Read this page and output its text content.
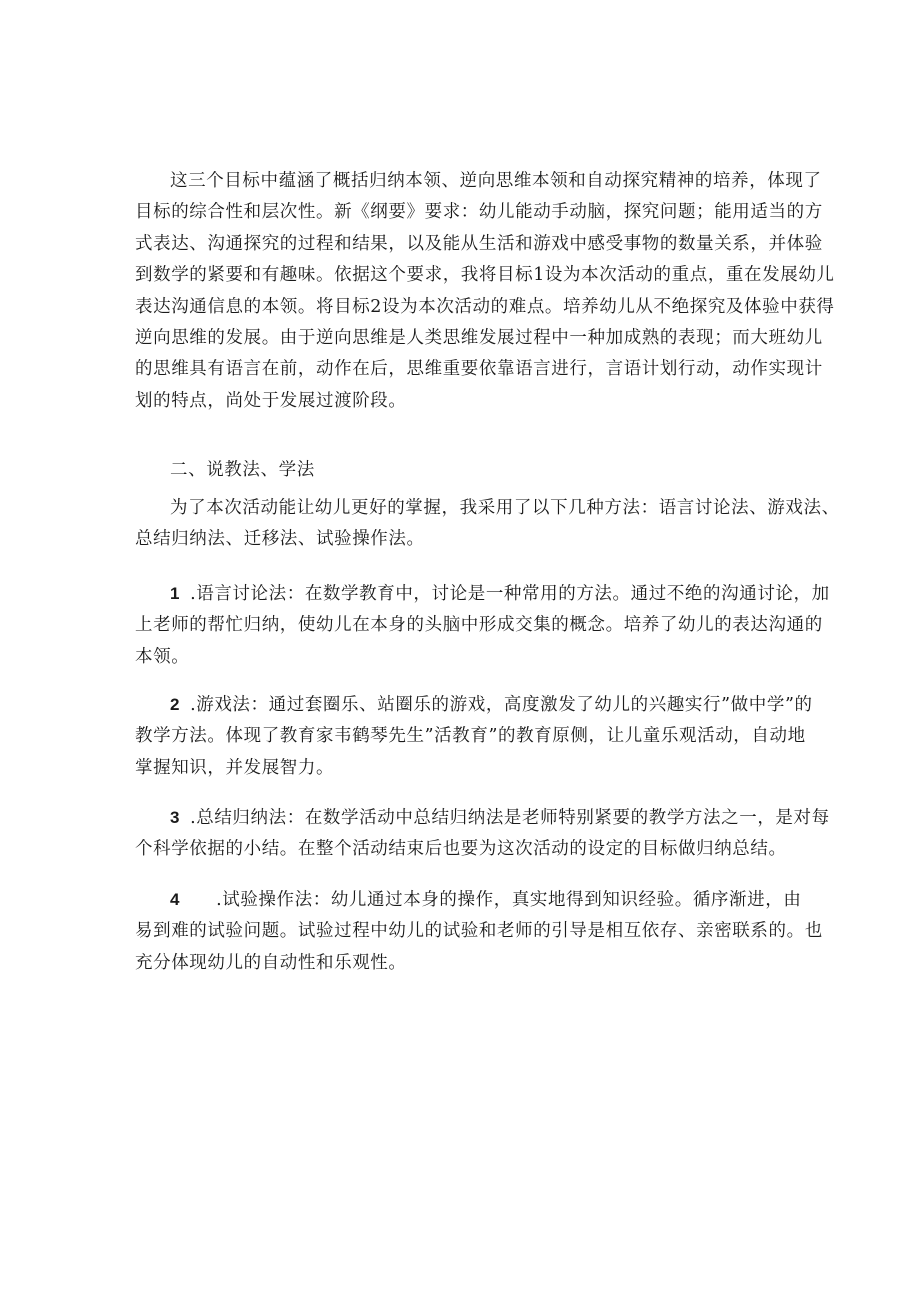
这三个目标中蕴涵了概括归纳本领、逆向思维本领和自动探究精神的培养，体现了
目标的综合性和层次性。新《纲要》要求：幼儿能动手动脑，探究问题；能用适当的方
式表达、沟通探究的过程和结果，以及能从生活和游戏中感受事物的数量关系，并体验
到数学的紧要和有趣味。依据这个要求，我将目标1设为本次活动的重点，重在发展幼儿
表达沟通信息的本领。将目标2设为本次活动的难点。培养幼儿从不绝探究及体验中获得
逆向思维的发展。由于逆向思维是人类思维发展过程中一种加成熟的表现；而大班幼儿
的思维具有语言在前，动作在后，思维重要依靠语言进行，言语计划行动，动作实现计
划的特点，尚处于发展过渡阶段。
二、说教法、学法
为了本次活动能让幼儿更好的掌握，我采用了以下几种方法：语言讨论法、游戏法、
总结归纳法、迁移法、试验操作法。
1 .语言讨论法：在数学教育中，讨论是一种常用的方法。通过不绝的沟通讨论，加
上老师的帮忙归纳，使幼儿在本身的头脑中形成交集的概念。培养了幼儿的表达沟通的
本领。
2 .游戏法：通过套圈乐、站圈乐的游戏，高度激发了幼儿的兴趣实行”做中学”的
教学方法。体现了教育家韦鹤琴先生”活教育”的教育原侧，让儿童乐观活动，自动地
掌握知识，并发展智力。
3 .总结归纳法：在数学活动中总结归纳法是老师特别紧要的教学方法之一，是对每
个科学依据的小结。在整个活动结束后也要为这次活动的设定的目标做归纳总结。
4 .试验操作法：幼儿通过本身的操作，真实地得到知识经验。循序渐进，由
易到难的试验问题。试验过程中幼儿的试验和老师的引导是相互依存、亲密联系的。也
充分体现幼儿的自动性和乐观性。
